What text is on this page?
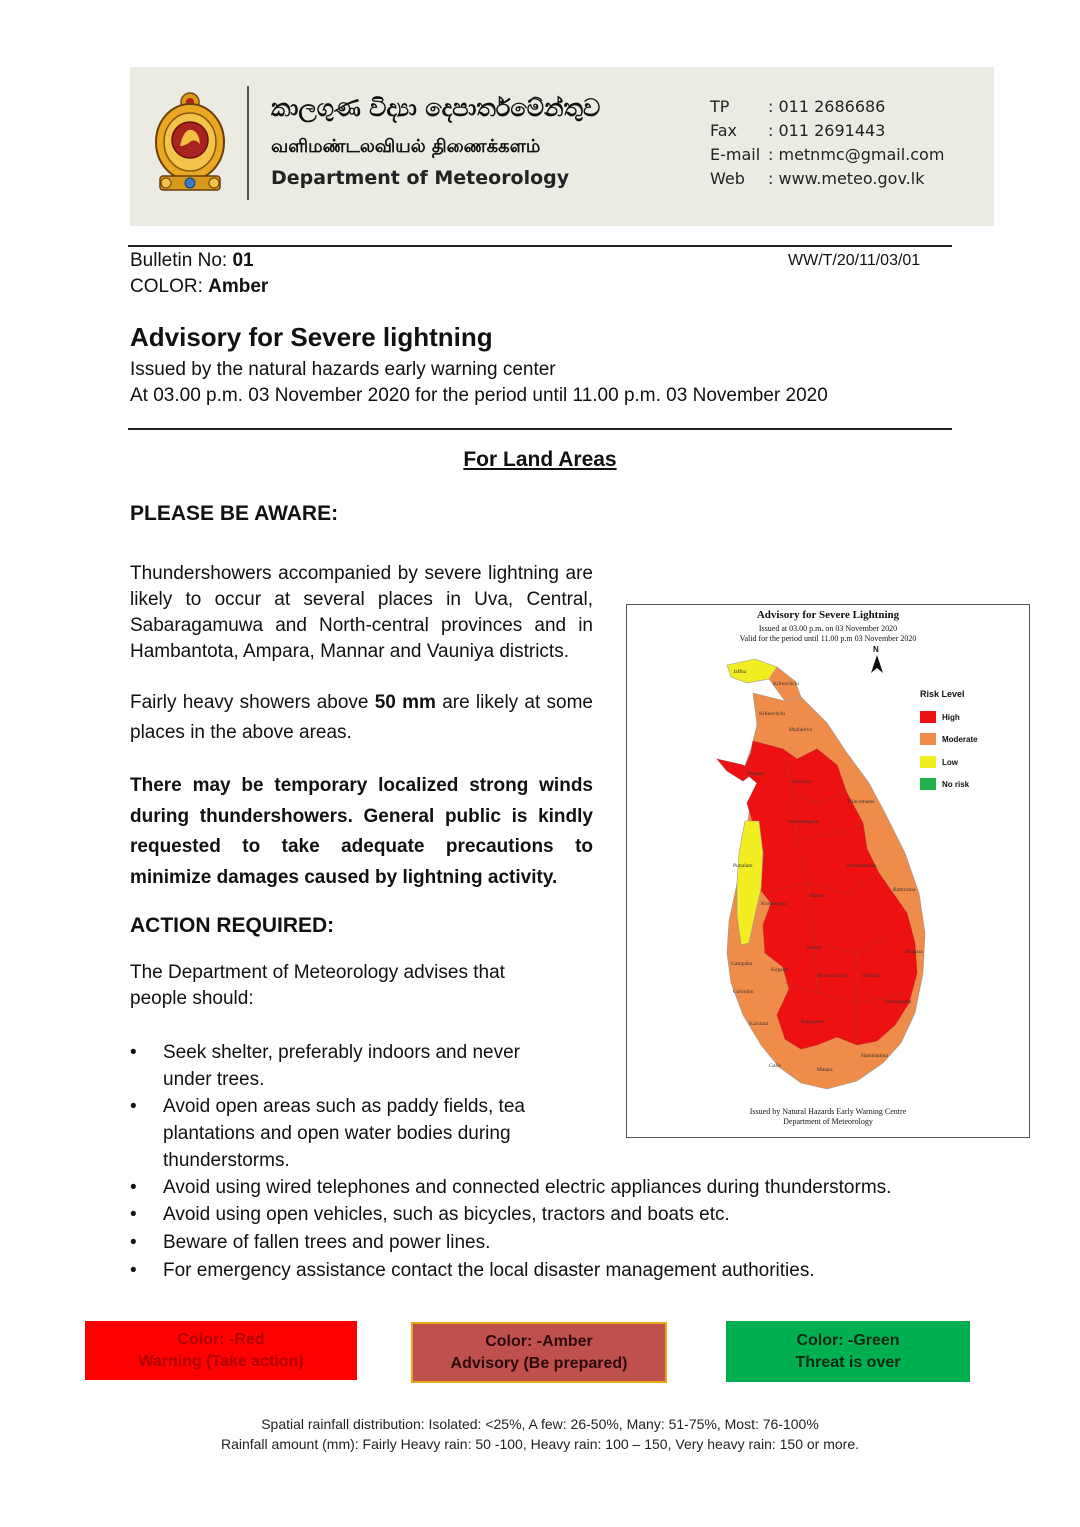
කාලගුණ විද්‍යා දෙපාර්තමේන්තුව
வளிமண்டலவியல் திணைக்களம்
Department of Meteorology
TP : 011 2686686
Fax : 011 2691443
E-mail : metnmc@gmail.com
Web : www.meteo.gov.lk
Bulletin No: 01
COLOR: Amber
WW/T/20/11/03/01
Advisory for Severe lightning
Issued by the natural hazards early warning center
At 03.00 p.m. 03 November 2020 for the period until 11.00 p.m. 03 November 2020
For Land Areas
PLEASE BE AWARE:
Thundershowers accompanied by severe lightning are likely to occur at several places in Uva, Central, Sabaragamuwa and North-central provinces and in Hambantota, Ampara, Mannar and Vauniya districts.
Fairly heavy showers above 50 mm are likely at some places in the above areas.
There may be temporary localized strong winds during thundershowers. General public is kindly requested to take adequate precautions to minimize damages caused by lightning activity.
ACTION REQUIRED:
The Department of Meteorology advises that people should:
•	Seek shelter, preferably indoors and never under trees.
•	Avoid open areas such as paddy fields, tea plantations and open water bodies during thunderstorms.
•	Avoid using wired telephones and connected electric appliances during thunderstorms.
•	Avoid using open vehicles, such as bicycles, tractors and boats etc.
•	Beware of fallen trees and power lines.
•	For emergency assistance contact the local disaster management authorities.
Advisory for Severe Lightning
Issued at 03.00 p.m. on 03 November 2020
Valid for the period until 11.00 p.m 03 November 2020
N
Jaffna
Kilinochchi
Kilinochchi
Mullaitivu
Mannar
Vavuniya
Trincomalee
Anuradhapura
Polonnaruwa
Puttalam
Batticaloa
Kurunegala
Matale
Ampara
Kandy
Gampaha
Kegalle
Nuwara Eliya	Badulla
Colombo
Monaragala
Kalutara	Ratnapura
Hambantota
Galle
Matara
Risk Level
High
Moderate
Low
No risk
Issued by Natural Hazards Early Warning Centre
Department of Meteorology
Color: -Red
Warning (Take action)
Color: -Amber
Advisory (Be prepared)
Color: -Green
Threat is over
Spatial rainfall distribution: Isolated: <25%, A few: 26-50%, Many: 51-75%, Most: 76-100%
Rainfall amount (mm): Fairly Heavy rain: 50 -100, Heavy rain: 100 – 150, Very heavy rain: 150 or more.
